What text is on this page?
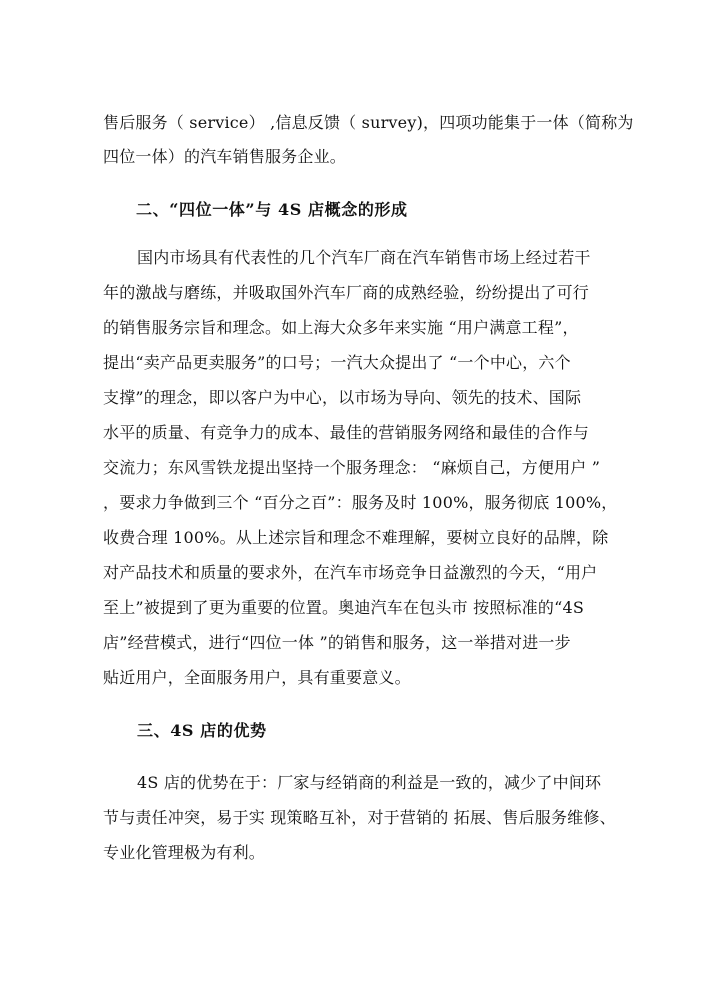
售后服务（ service） ,信息反馈（ survey)，四项功能集于一体（简称为
四位一体）的汽车销售服务企业。
二、“四位一体”与 4S 店概念的形成
国内市场具有代表性的几个汽车厂商在汽车销售市场上经过若干
年的激战与磨练，并吸取国外汽车厂商的成熟经验，纷纷提出了可行
的销售服务宗旨和理念。如上海大众多年来实施 “用户满意工程”，
提出“卖产品更卖服务”的口号；一汽大众提出了 “一个中心，六个
支撑”的理念，即以客户为中心，以市场为导向、领先的技术、国际
水平的质量、有竞争力的成本、最佳的营销服务网络和最佳的合作与
交流力；东风雪铁龙提出坚持一个服务理念： “麻烦自己，方便用户 ”
，要求力争做到三个 “百分之百”：服务及时 100%，服务彻底 100%，
收费合理 100%。从上述宗旨和理念不难理解，要树立良好的品牌，除
对产品技术和质量的要求外，在汽车市场竞争日益激烈的今天，“用户
至上”被提到了更为重要的位置。奥迪汽车在包头市 按照标准的“4S
店”经营模式，进行“四位一体 ”的销售和服务，这一举措对进一步
贴近用户，全面服务用户，具有重要意义。
三、4S 店的优势
4S 店的优势在于：厂家与经销商的利益是一致的，减少了中间环
节与责任冲突，易于实 现策略互补，对于营销的 拓展、售后服务维修、
专业化管理极为有利。
